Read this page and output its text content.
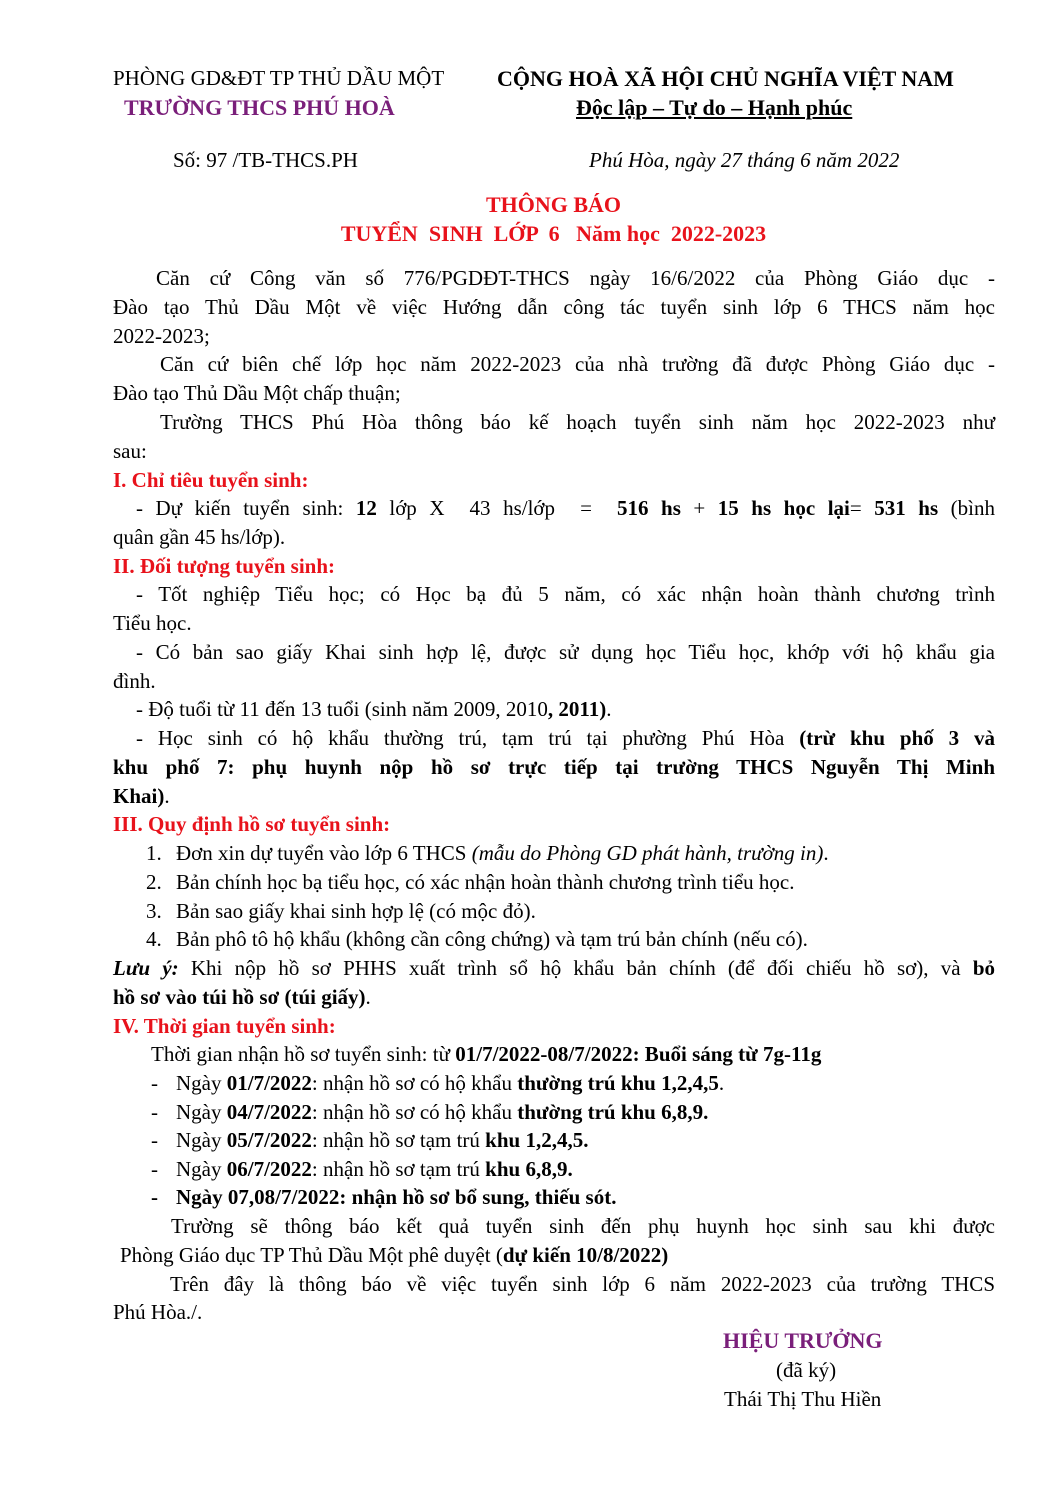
PHÒNG GD&ĐT TP THỦ DẦU MỘT
TRƯỜNG THCS PHÚ HOÀ
CỘNG HOÀ XÃ HỘI CHỦ NGHĨA VIỆT NAM
Độc lập – Tự do – Hạnh phúc
Số: 97 /TB-THCS.PH	Phú Hòa, ngày 27 tháng 6 năm 2022
THÔNG BÁO
TUYỂN  SINH  LỚP  6   Năm học  2022-2023
Căn cứ Công văn số 776/PGDĐT-THCS ngày 16/6/2022 của Phòng Giáo dục -
Đào tạo Thủ Dầu Một về việc Hướng dẫn công tác tuyển sinh lớp 6 THCS năm học
2022-2023;
Căn cứ biên chế lớp học năm 2022-2023 của nhà trường đã được Phòng Giáo dục -
Đào tạo Thủ Dầu Một chấp thuận;
Trường THCS Phú Hòa thông báo kế hoạch tuyển sinh năm học 2022-2023 như
sau:
I. Chỉ tiêu tuyển sinh:
- Dự kiến tuyển sinh: 12 lớp X  43 hs/lớp  =  516 hs + 15 hs học lại= 531 hs (bình
quân gần 45 hs/lớp).
II. Đối tượng tuyển sinh:
- Tốt nghiệp Tiểu học; có Học bạ đủ 5 năm, có xác nhận hoàn thành chương trình
Tiểu học.
- Có bản sao giấy Khai sinh hợp lệ, được sử dụng học Tiểu học, khớp với hộ khẩu gia
đình.
- Độ tuổi từ 11 đến 13 tuổi (sinh năm 2009, 2010, 2011).
- Học sinh có hộ khẩu thường trú, tạm trú tại phường Phú Hòa (trừ khu phố 3 và
khu phố 7: phụ huynh nộp hồ sơ trực tiếp tại trường THCS Nguyễn Thị Minh
Khai).
III. Quy định hồ sơ tuyển sinh:
1. Đơn xin dự tuyển vào lớp 6 THCS (mẫu do Phòng GD phát hành, trường in).
2. Bản chính học bạ tiểu học, có xác nhận hoàn thành chương trình tiểu học.
3. Bản sao giấy khai sinh hợp lệ (có mộc đỏ).
4. Bản phô tô hộ khẩu (không cần công chứng) và tạm trú bản chính (nếu có).
Lưu ý: Khi nộp hồ sơ PHHS xuất trình sổ hộ khẩu bản chính (để đối chiếu hồ sơ), và bỏ
hồ sơ vào túi hồ sơ (túi giấy).
IV. Thời gian tuyển sinh:
Thời gian nhận hồ sơ tuyển sinh: từ 01/7/2022-08/7/2022: Buổi sáng từ 7g-11g
- Ngày 01/7/2022: nhận hồ sơ có hộ khẩu thường trú khu 1,2,4,5.
- Ngày 04/7/2022: nhận hồ sơ có hộ khẩu thường trú khu 6,8,9.
- Ngày 05/7/2022: nhận hồ sơ tạm trú khu 1,2,4,5.
- Ngày 06/7/2022: nhận hồ sơ tạm trú khu 6,8,9.
- Ngày 07,08/7/2022: nhận hồ sơ bổ sung, thiếu sót.
Trường sẽ thông báo kết quả tuyển sinh đến phụ huynh học sinh sau khi được
Phòng Giáo dục TP Thủ Dầu Một phê duyệt (dự kiến 10/8/2022)
Trên đây là thông báo về việc tuyển sinh lớp 6 năm 2022-2023 của trường THCS
Phú Hòa./.
HIỆU TRƯỞNG
(đã ký)
Thái Thị Thu Hiền
